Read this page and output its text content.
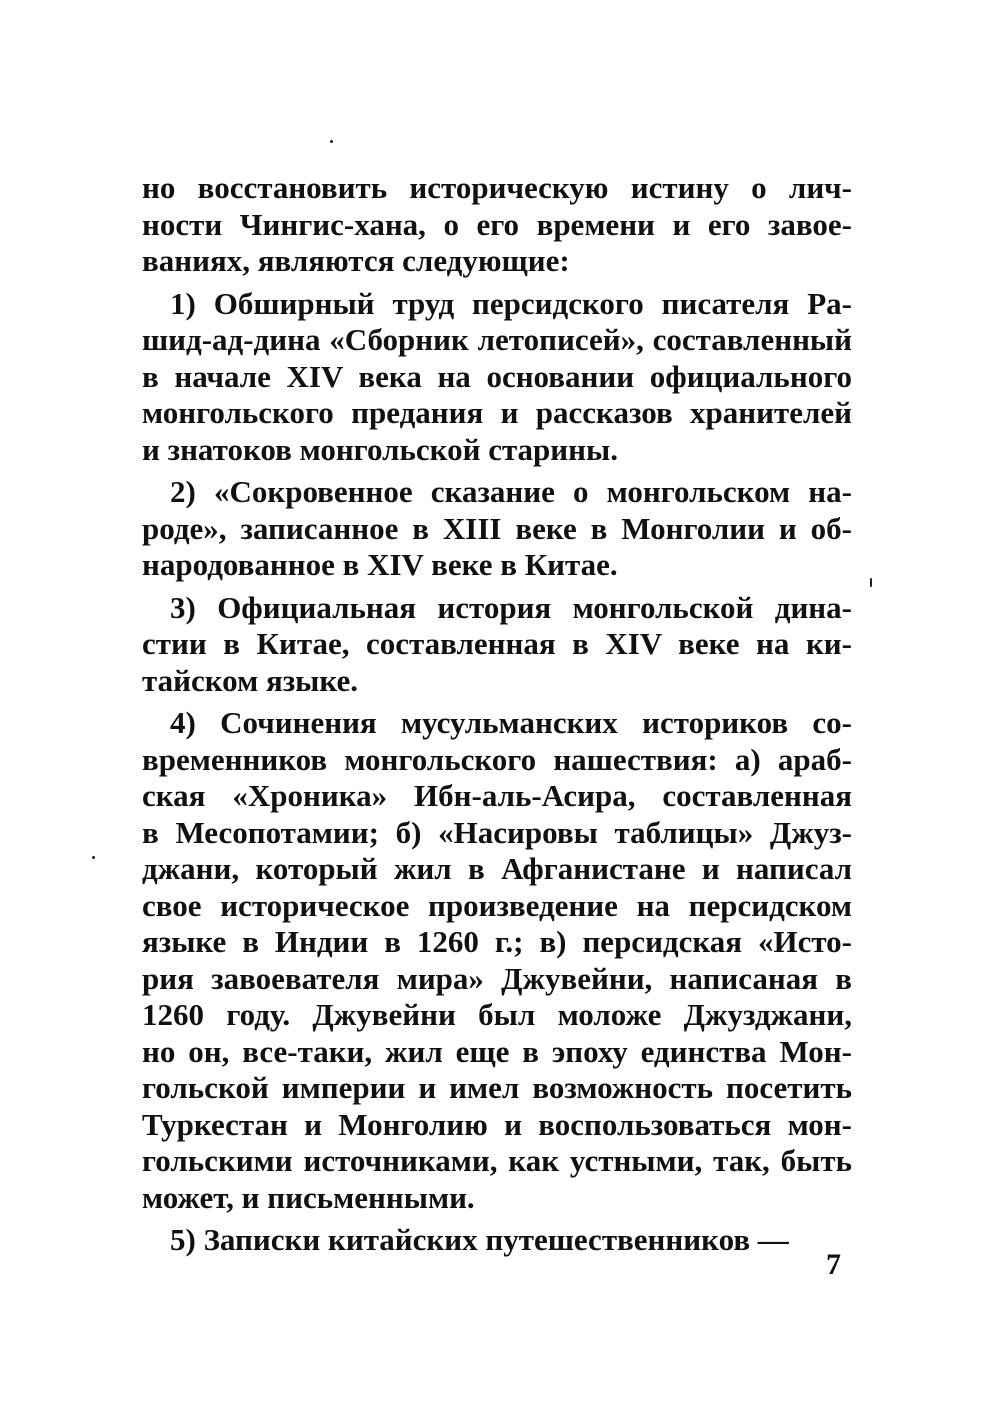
но восстановить историческую истину о лич-
ности Чингис-хана, о его времени и его завое-
ваниях, являются следующие:
1) Обширный труд персидского писателя Ра-
шид-ад-дина «Сборник летописей», составленный
в начале XIV века на основании официального
монгольского предания и рассказов хранителей
и знатоков монгольской старины.
2) «Сокровенное сказание о монгольском на-
роде», записанное в XIII веке в Монголии и об-
народованное в XIV веке в Китае.
3) Официальная история монгольской дина-
стии в Китае, составленная в XIV веке на ки-
тайском языке.
4) Сочинения мусульманских историков со-
временников монгольского нашествия: а) араб-
ская «Хроника» Ибн-аль-Асира, составленная
в Месопотамии; б) «Насировы таблицы» Джуз-
джани, который жил в Афганистане и написал
свое историческое произведение на персидском
языке в Индии в 1260 г.; в) персидская «Исто-
рия завоевателя мира» Джувейни, написаная в
1260 году. Джувейни был моложе Джузджани,
но он, все-таки, жил еще в эпоху единства Мон-
гольской империи и имел возможность посетить
Туркестан и Монголию и воспользоваться мон-
гольскими источниками, как устными, так, быть
может, и письменными.
5) Записки китайских путешественников —
7
